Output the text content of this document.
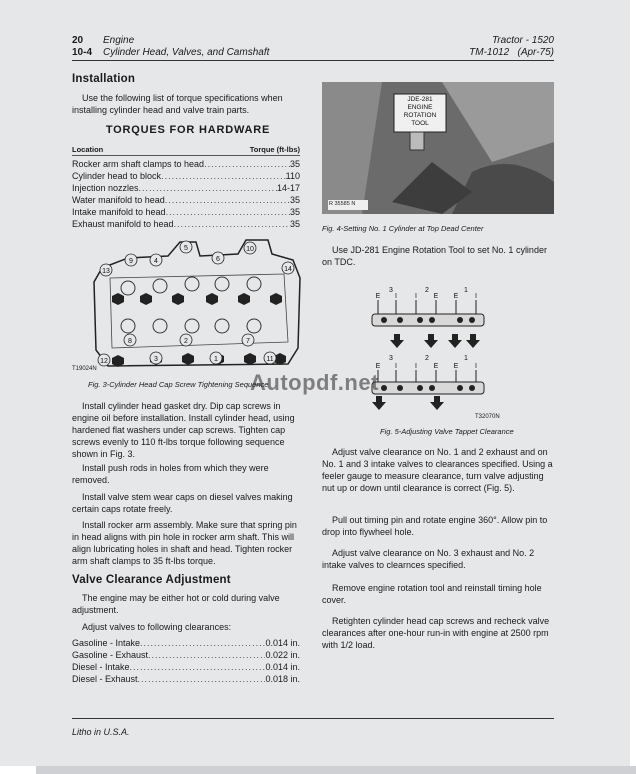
20 Engine
10-4 Cylinder Head, Valves, and Camshaft
Tractor - 1520
TM-1012 (Apr-75)
Installation
Use the following list of torque specifications when installing cylinder head and valve train parts.
TORQUES FOR HARDWARE
Location	Torque (ft-lbs)
Rocker arm shaft clamps to head .....	35
Cylinder head to block .....	110
Injection nozzles .....	14-17
Water manifold to head .....	35
Intake manifold to head .....	35
Exhaust manifold to head .....	35
9	4
5
6
10
13	14
8	2	7
12	3	1	11
T19024N
Fig. 3-Cylinder Head Cap Screw Tightening Sequence
Install cylinder head gasket dry. Dip cap screws in engine oil before installation. Install cylinder head, using hardened flat washers under cap screws. Tighten cap screws evenly to 110 ft-lbs torque following sequence shown in Fig. 3.
Install push rods in holes from which they were removed.
Install valve stem wear caps on diesel valves making certain caps rotate freely.
Install rocker arm assembly. Make sure that spring pin in head aligns with pin hole in rocker arm shaft. This will align lubricating holes in shaft and head. Tighten rocker arm shaft clamps to 35 ft-lbs torque.
Valve Clearance Adjustment
The engine may be either hot or cold during valve adjustment.
Adjust valves to following clearances:
Gasoline - Intake .....	0.014 in.
Gasoline - Exhaust .....	0.022 in.
Diesel - Intake .....	0.014 in.
Diesel - Exhaust .....	0.018 in.
Litho in U.S.A.
JDE-281
ENGINE
ROTATION
TOOL
R 35585 N
Fig. 4-Setting No. 1 Cylinder at Top Dead Center
Use JD-281 Engine Rotation Tool to set No. 1 cylinder on TDC.
3	2	1
E I	I E E I
3	2	1
E I	I E E I
T32070N
Fig. 5-Adjusting Valve Tappet Clearance
Adjust valve clearance on No. 1 and 2 exhaust and on No. 1 and 3 intake valves to clearances specified. Using a feeler gauge to measure clearance, turn valve adjusting nut up or down until clearance is correct (Fig. 5).
Pull out timing pin and rotate engine 360°. Allow pin to drop into flywheel hole.
Adjust valve clearance on No. 3 exhaust and No. 2 intake valves to clearnces specified.
Remove engine rotation tool and reinstall timing hole cover.
Retighten cylinder head cap screws and recheck valve clearances after one-hour run-in with engine at 2500 rpm with 1/2 load.
Autopdf.net
